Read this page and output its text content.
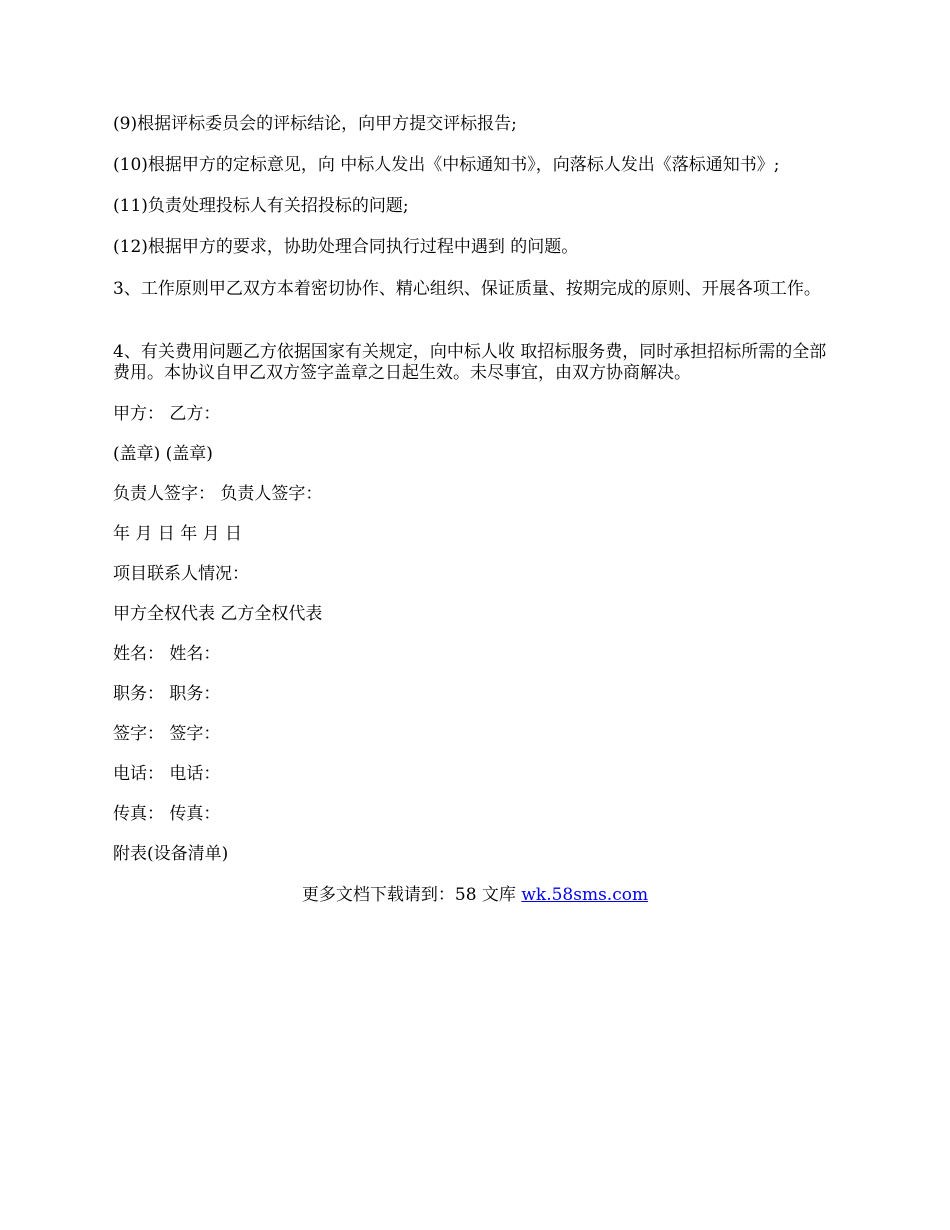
(9)根据评标委员会的评标结论，向甲方提交评标报告;

(10)根据甲方的定标意见，向 中标人发出《中标通知书》，向落标人发出《落标通知书》;

(11)负责处理投标人有关招投标的问题;

(12)根据甲方的要求，协助处理合同执行过程中遇到 的问题。

3、工作原则甲乙双方本着密切协作、精心组织、保证质量、按期完成的原则、开展各项工作。

4、有关费用问题乙方依据国家有关规定，向中标人收 取招标服务费，同时承担招标所需的全部费用。本协议自甲乙双方签字盖章之日起生效。未尽事宜，由双方协商解决。

甲方： 乙方：

(盖章) (盖章)

负责人签字： 负责人签字：

年 月 日 年 月 日

项目联系人情况：

甲方全权代表 乙方全权代表

姓名： 姓名：

职务： 职务：

签字： 签字：

电话： 电话：

传真： 传真：

附表(设备清单)

更多文档下载请到：58 文库 wk.58sms.com
